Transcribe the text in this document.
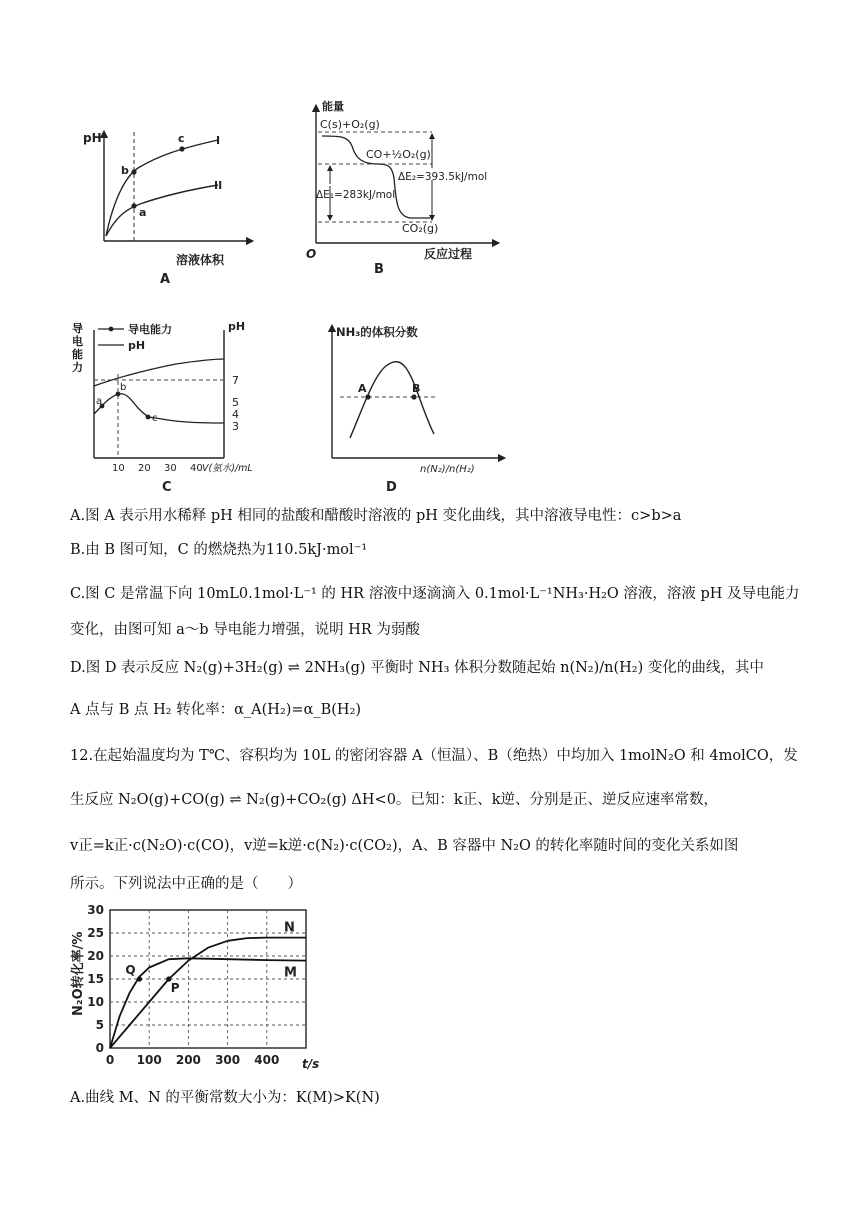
pH	I
II
b
c
a
溶液体积
A
能量
C(s)+O₂(g)
CO+½O₂(g)
CO₂(g)
ΔE₁=283kJ/mol
ΔE₂=393.5kJ/mol
O	反应过程
B
导电能力
pH
pH
7
5
4
3
a
b
c
10 20 30 40 V(氨水)/mL
导电能力
C
NH₃的体积分数
A	B
n(N₂)/n(H₂)
D
A.图 A 表示用水稀释 pH 相同的盐酸和醋酸时溶液的 pH 变化曲线，其中溶液导电性：c>b>a
B.由 B 图可知，C 的燃烧热为110.5kJ·mol⁻¹
C.图 C 是常温下向 10mL0.1mol·L⁻¹ 的 HR 溶液中逐滴滴入 0.1mol·L⁻¹NH₃·H₂O 溶液，溶液 pH 及导电能力
变化，由图可知 a～b 导电能力增强，说明 HR 为弱酸
D.图 D 表示反应 N₂(g)+3H₂(g) ⇌ 2NH₃(g) 平衡时 NH₃ 体积分数随起始 n(N₂)/n(H₂) 变化的曲线，其中
A 点与 B 点 H₂ 转化率：α_A(H₂)=α_B(H₂)
12.在起始温度均为 T℃、容积均为 10L 的密闭容器 A（恒温）、B（绝热）中均加入 1molN₂O 和 4molCO，发
生反应 N₂O(g)+CO(g) ⇌ N₂(g)+CO₂(g) ΔH<0。已知：k正、k逆、分别是正、逆反应速率常数，
v正=k正·c(N₂O)·c(CO)，v逆=k逆·c(N₂)·c(CO₂)，A、B 容器中 N₂O 的转化率随时间的变化关系如图
所示。下列说法中正确的是（　　）
0
5
10
15
20
25
30
0 100 200 300 400
M
N
Q
P
N₂O转化率/%
t/s
A.曲线 M、N 的平衡常数大小为：K(M)>K(N)
